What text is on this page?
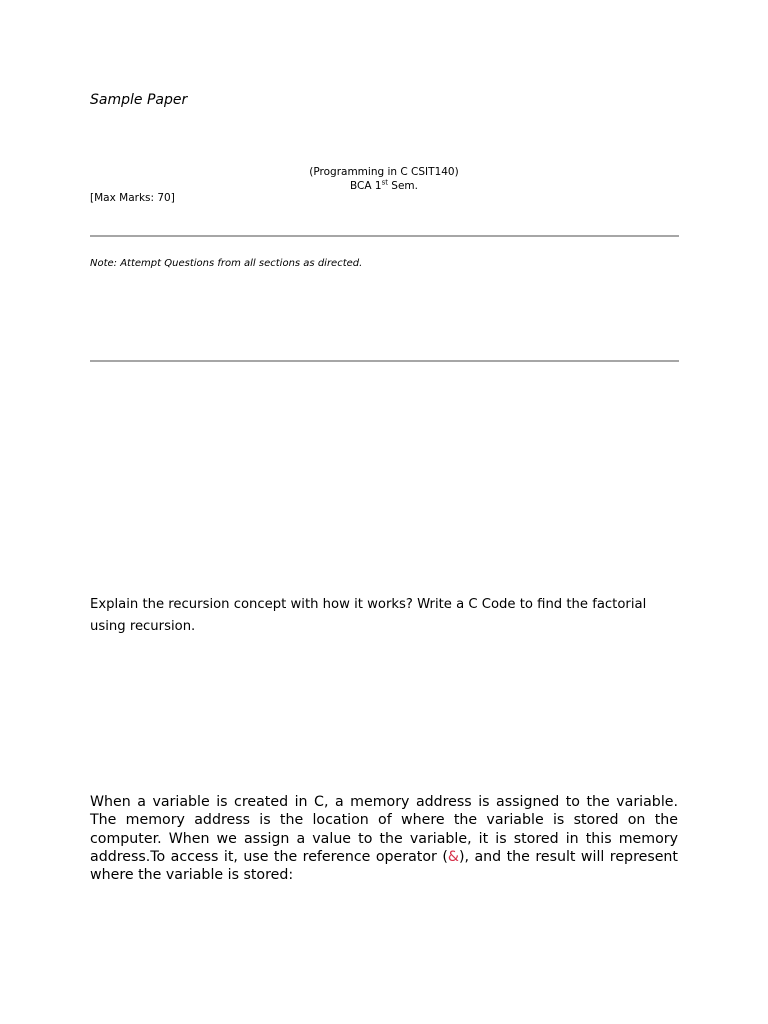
Sample Paper
(Programming in C CSIT140)
BCA 1st Sem.
[Max Marks: 70]
Note: Attempt Questions from all sections as directed.
Explain the recursion concept with how it works? Write a C Code to find the factorial using recursion.
When a variable is created in C, a memory address is assigned to the variable. The memory address is the location of where the variable is stored on the computer. When we assign a value to the variable, it is stored in this memory address.To access it, use the reference operator (&), and the result will represent where the variable is stored:
